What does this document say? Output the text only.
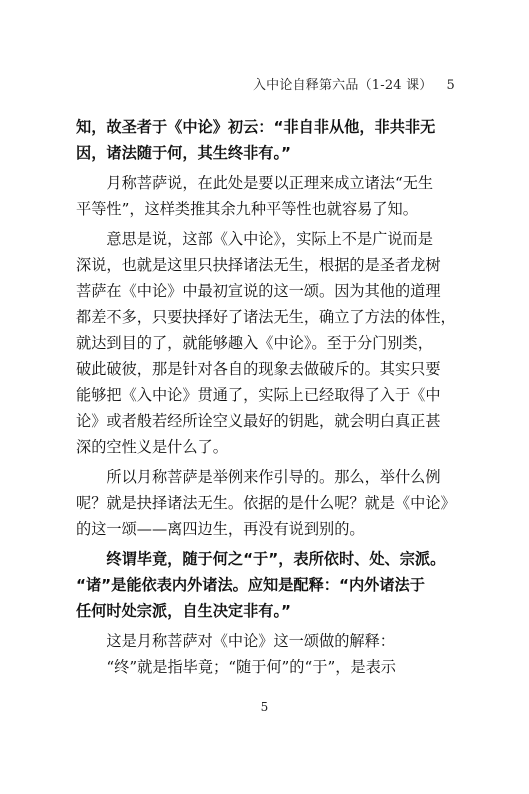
入中论自释第六品（1-24 课） 5
知，故圣者于《中论》初云：“非自非从他，非共非无
因，诸法随于何，其生终非有。”
　　月称菩萨说，在此处是要以正理来成立诸法“无生
平等性”，这样类推其余九种平等性也就容易了知。
　　意思是说，这部《入中论》，实际上不是广说而是
深说，也就是这里只抉择诸法无生，根据的是圣者龙树
菩萨在《中论》中最初宣说的这一颂。因为其他的道理
都差不多，只要抉择好了诸法无生，确立了方法的体性，
就达到目的了，就能够趣入《中论》。至于分门别类，
破此破彼，那是针对各自的现象去做破斥的。其实只要
能够把《入中论》贯通了，实际上已经取得了入于《中
论》或者般若经所诠空义最好的钥匙，就会明白真正甚
深的空性义是什么了。
　　所以月称菩萨是举例来作引导的。那么，举什么例
呢？就是抉择诸法无生。依据的是什么呢？就是《中论》
的这一颂——离四边生，再没有说到别的。
　　终谓毕竟，随于何之“于”，表所依时、处、宗派。
“诸”是能依表内外诸法。应知是配释：“内外诸法于
任何时处宗派，自生决定非有。”
　　这是月称菩萨对《中论》这一颂做的解释：
　　“终”就是指毕竟；“随于何”的“于”，是表示
5
